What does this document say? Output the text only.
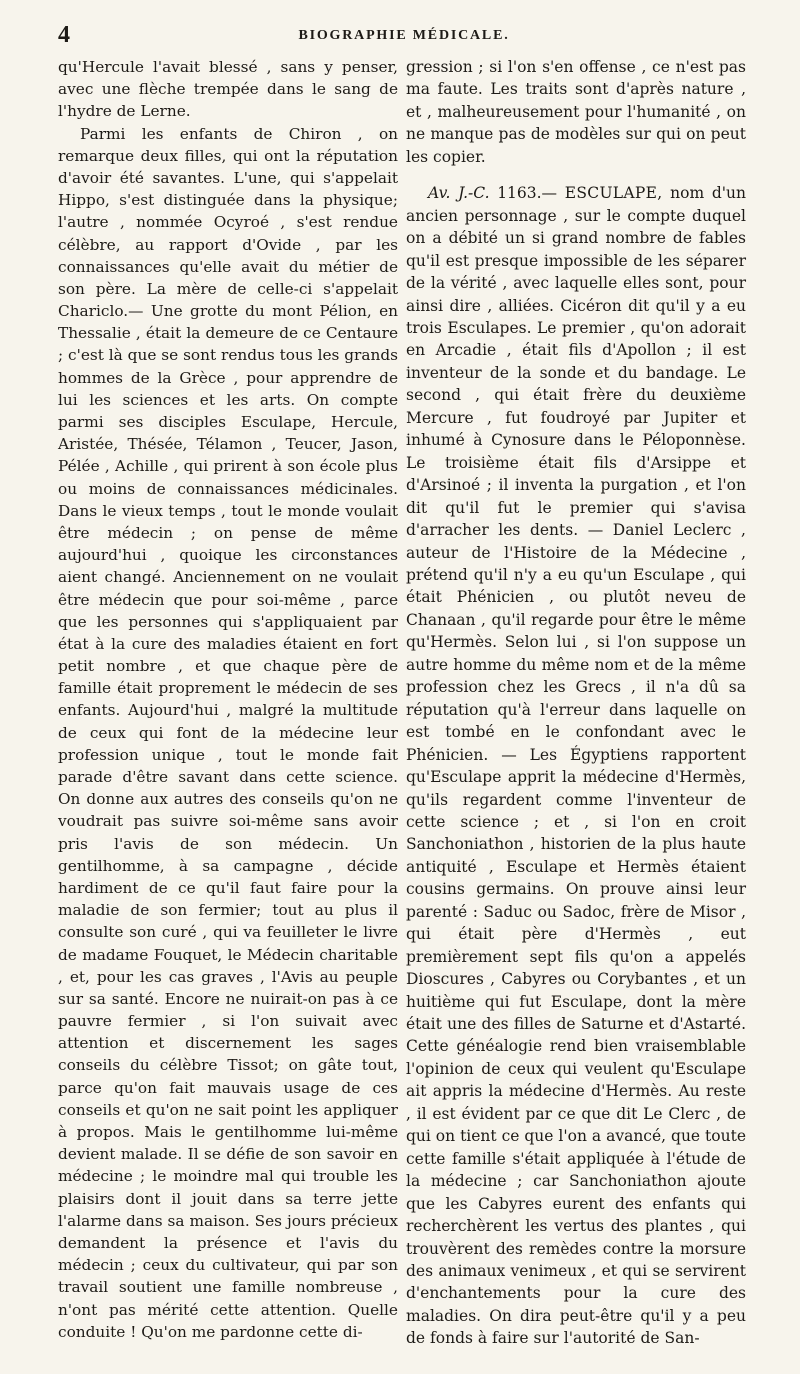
4	BIOGRAPHIE MÉDICALE.

qu'Hercule l'avait blessé , sans y penser, avec une flèche trempée dans le sang de l'hydre de Lerne.

Parmi les enfants de Chiron , on remarque deux filles, qui ont la réputation d'avoir été savantes. L'une, qui s'appelait Hippo, s'est distinguée dans la physique; l'autre , nommée Ocyroé , s'est rendue célèbre, au rapport d'Ovide , par les connaissances qu'elle avait du métier de son père. La mère de celle-ci s'appelait Chariclo.— Une grotte du mont Pélion, en Thessalie , était la demeure de ce Centaure ; c'est là que se sont rendus tous les grands hommes de la Grèce , pour apprendre de lui les sciences et les arts. On compte parmi ses disciples Esculape, Hercule, Aristée, Thésée, Télamon , Teucer, Jason, Pélée , Achille , qui prirent à son école plus ou moins de connaissances médicinales. Dans le vieux temps , tout le monde voulait être médecin ; on pense de même aujourd'hui , quoique les circonstances aient changé. Anciennement on ne voulait être médecin que pour soi-même , parce que les personnes qui s'appliquaient par état à la cure des maladies étaient en fort petit nombre , et que chaque père de famille était proprement le médecin de ses enfants. Aujourd'hui , malgré la multitude de ceux qui font de la médecine leur profession unique , tout le monde fait parade d'être savant dans cette science. On donne aux autres des conseils qu'on ne voudrait pas suivre soi-même sans avoir pris l'avis de son médecin. Un gentilhomme, à sa campagne , décide hardiment de ce qu'il faut faire pour la maladie de son fermier; tout au plus il consulte son curé , qui va feuilleter le livre de madame Fouquet, le Médecin charitable , et, pour les cas graves , l'Avis au peuple sur sa santé. Encore ne nuirait-on pas à ce pauvre fermier , si l'on suivait avec attention et discernement les sages conseils du célèbre Tissot; on gâte tout, parce qu'on fait mauvais usage de ces conseils et qu'on ne sait point les appliquer à propos. Mais le gentilhomme lui-même devient malade. Il se défie de son savoir en médecine ; le moindre mal qui trouble les plaisirs dont il jouit dans sa terre jette l'alarme dans sa maison. Ses jours précieux demandent la présence et l'avis du médecin ; ceux du cultivateur, qui par son travail soutient une famille nombreuse , n'ont pas mérité cette attention. Quelle conduite ! Qu'on me pardonne cette di-

gression ; si l'on s'en offense , ce n'est pas ma faute. Les traits sont d'après nature , et , malheureusement pour l'humanité , on ne manque pas de modèles sur qui on peut les copier.

Av. J.-C. 1163.— ESCULAPE, nom d'un ancien personnage , sur le compte duquel on a débité un si grand nombre de fables qu'il est presque impossible de les séparer de la vérité , avec laquelle elles sont, pour ainsi dire , alliées. Cicéron dit qu'il y a eu trois Esculapes. Le premier , qu'on adorait en Arcadie , était fils d'Apollon ; il est inventeur de la sonde et du bandage. Le second , qui était frère du deuxième Mercure , fut foudroyé par Jupiter et inhumé à Cynosure dans le Péloponnèse. Le troisième était fils d'Arsippe et d'Arsinoé ; il inventa la purgation , et l'on dit qu'il fut le premier qui s'avisa d'arracher les dents. — Daniel Leclerc , auteur de l'Histoire de la Médecine , prétend qu'il n'y a eu qu'un Esculape , qui était Phénicien , ou plutôt neveu de Chanaan , qu'il regarde pour être le même qu'Hermès. Selon lui , si l'on suppose un autre homme du même nom et de la même profession chez les Grecs , il n'a dû sa réputation qu'à l'erreur dans laquelle on est tombé en le confondant avec le Phénicien. — Les Égyptiens rapportent qu'Esculape apprit la médecine d'Hermès, qu'ils regardent comme l'inventeur de cette science ; et , si l'on en croit Sanchoniathon , historien de la plus haute antiquité , Esculape et Hermès étaient cousins germains. On prouve ainsi leur parenté : Saduc ou Sadoc, frère de Misor , qui était père d'Hermès , eut premièrement sept fils qu'on a appelés Dioscures , Cabyres ou Corybantes , et un huitième qui fut Esculape, dont la mère était une des filles de Saturne et d'Astarté. Cette généalogie rend bien vraisemblable l'opinion de ceux qui veulent qu'Esculape ait appris la médecine d'Hermès. Au reste , il est évident par ce que dit Le Clerc , de qui on tient ce que l'on a avancé, que toute cette famille s'était appliquée à l'étude de la médecine ; car Sanchoniathon ajoute que les Cabyres eurent des enfants qui recherchèrent les vertus des plantes , qui trouvèrent des remèdes contre la morsure des animaux venimeux , et qui se servirent d'enchantements pour la cure des maladies. On dira peut-être qu'il y a peu de fonds à faire sur l'autorité de San-
